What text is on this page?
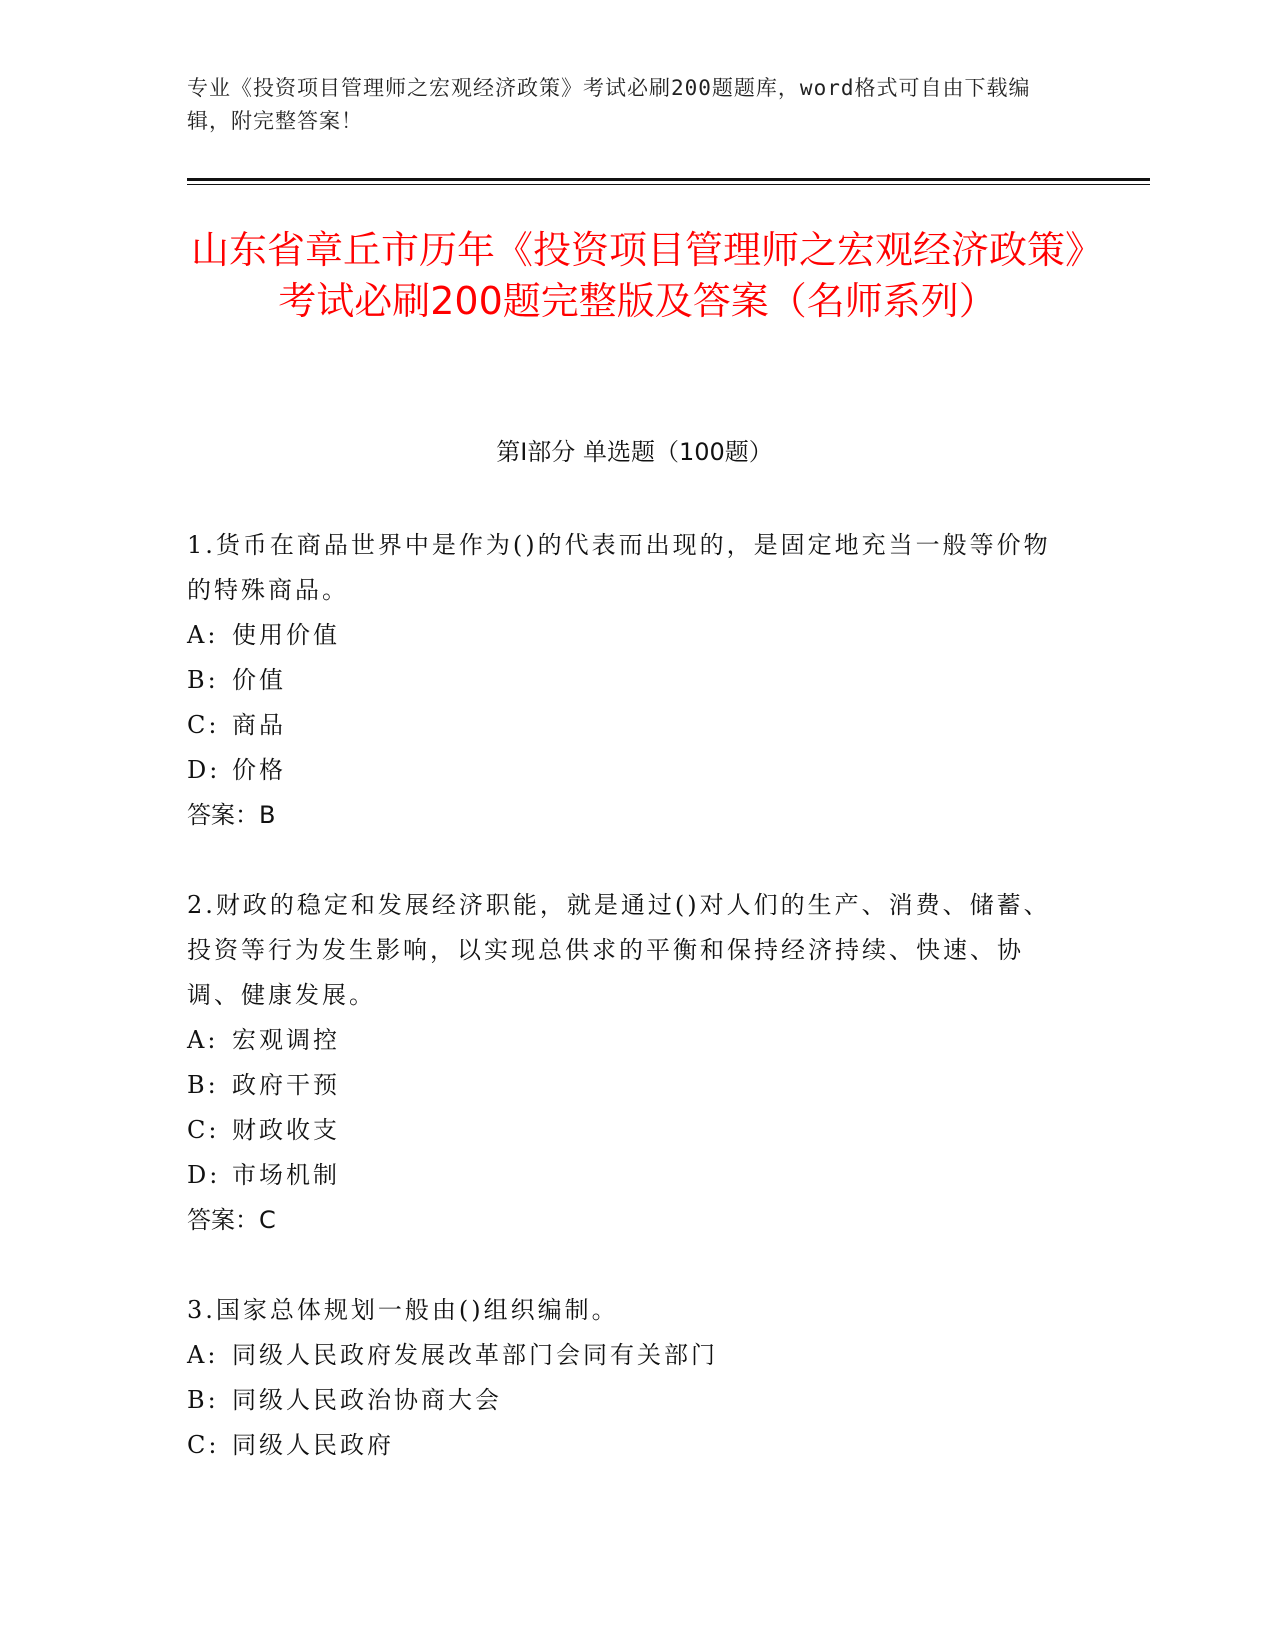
专业《投资项目管理师之宏观经济政策》考试必刷200题题库，word格式可自由下载编辑，附完整答案！
山东省章丘市历年《投资项目管理师之宏观经济政策》考试必刷200题完整版及答案（名师系列）
第I部分 单选题（100题）
1.货币在商品世界中是作为()的代表而出现的，是固定地充当一般等价物的特殊商品。
A: 使用价值
B: 价值
C: 商品
D: 价格
答案：B
2.财政的稳定和发展经济职能，就是通过()对人们的生产、消费、储蓄、投资等行为发生影响，以实现总供求的平衡和保持经济持续、快速、协调、健康发展。
A: 宏观调控
B: 政府干预
C: 财政收支
D: 市场机制
答案：C
3.国家总体规划一般由()组织编制。
A: 同级人民政府发展改革部门会同有关部门
B: 同级人民政治协商大会
C: 同级人民政府
